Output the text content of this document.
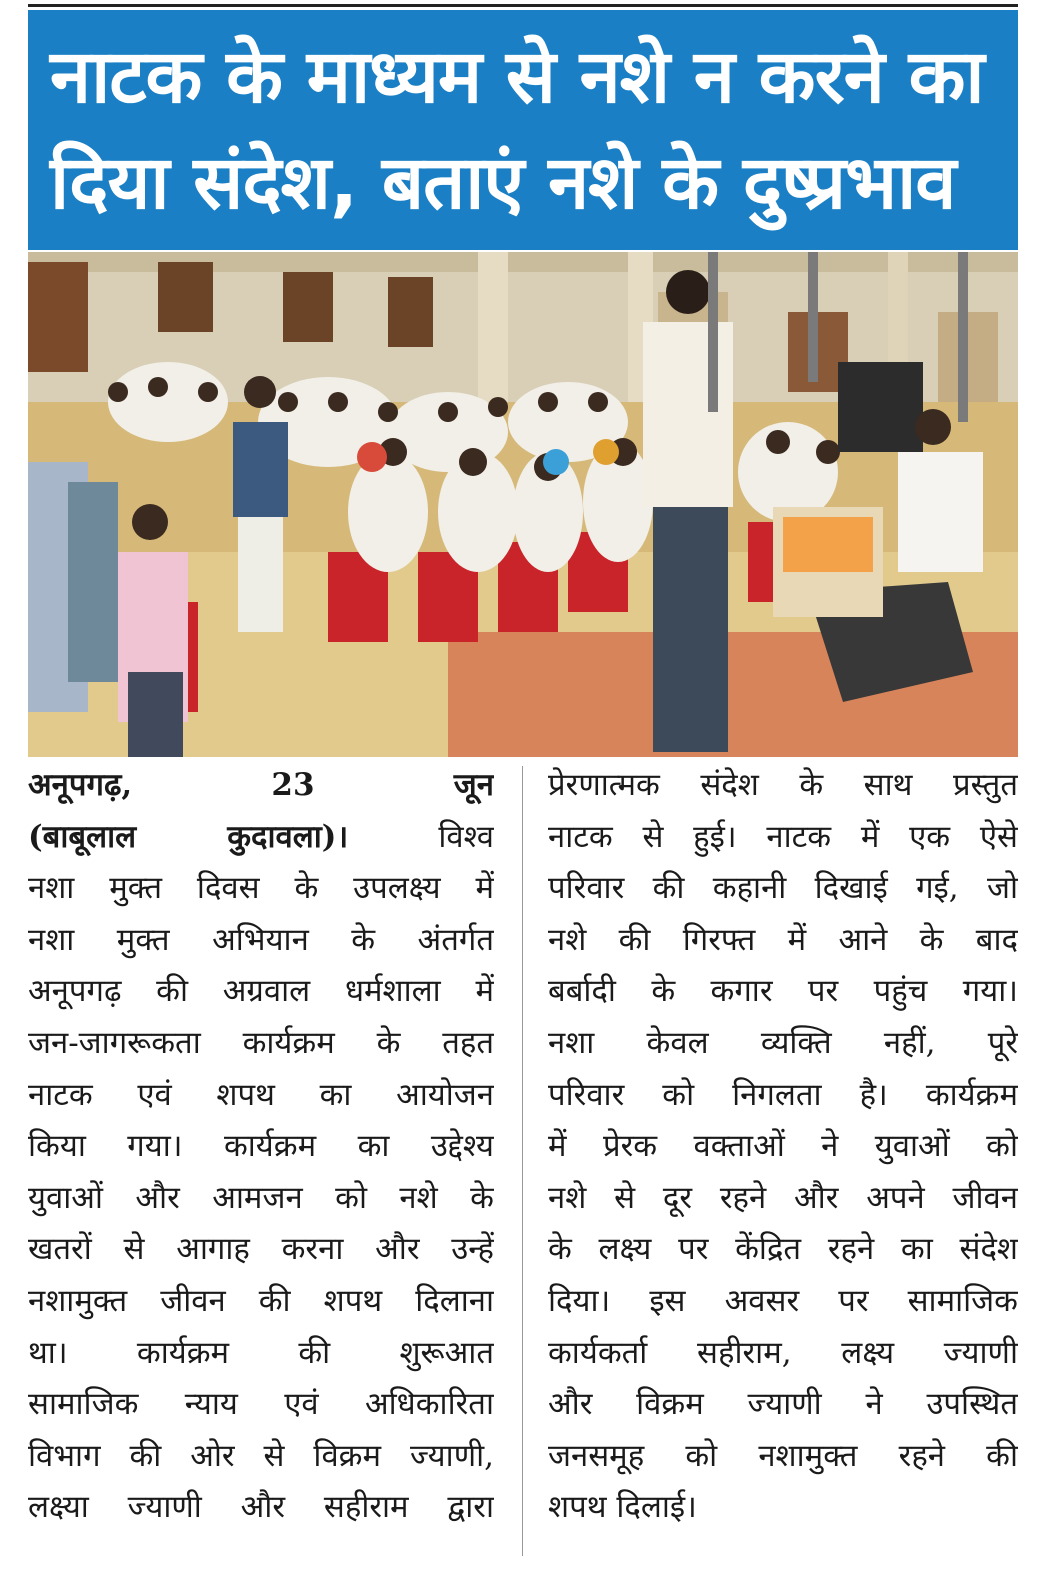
नाटक के माध्यम से नशे न करने का
दिया संदेश, बताएं नशे के दुष्प्रभाव
अनूपगढ़, 23 जून
(बाबूलाल कुदावला)।	विश्व
नशा मुक्त दिवस के उपलक्ष्य में
नशा मुक्त अभियान के अंतर्गत
अनूपगढ़ की अग्रवाल धर्मशाला में
जन-जागरूकता कार्यक्रम के तहत
नाटक एवं शपथ का आयोजन
किया गया। कार्यक्रम का उद्देश्य
युवाओं और आमजन को नशे के
खतरों से आगाह करना और उन्हें
नशामुक्त जीवन की शपथ दिलाना
था। कार्यक्रम की शुरूआत
सामाजिक न्याय एवं अधिकारिता
विभाग की ओर से विक्रम ज्याणी,
लक्ष्या ज्याणी और सहीराम द्वारा
प्रेरणात्मक संदेश के साथ प्रस्तुत
नाटक से हुई। नाटक में एक ऐसे
परिवार की कहानी दिखाई गई, जो
नशे की गिरफ्त में आने के बाद
बर्बादी के कगार पर पहुंच गया।
नशा केवल व्यक्ति नहीं, पूरे
परिवार को निगलता है। कार्यक्रम
में प्रेरक वक्ताओं ने युवाओं को
नशे से दूर रहने और अपने जीवन
के लक्ष्य पर केंद्रित रहने का संदेश
दिया। इस अवसर पर सामाजिक
कार्यकर्ता सहीराम, लक्ष्य ज्याणी
और विक्रम ज्याणी ने उपस्थित
जनसमूह को नशामुक्त रहने की
शपथ दिलाई।
